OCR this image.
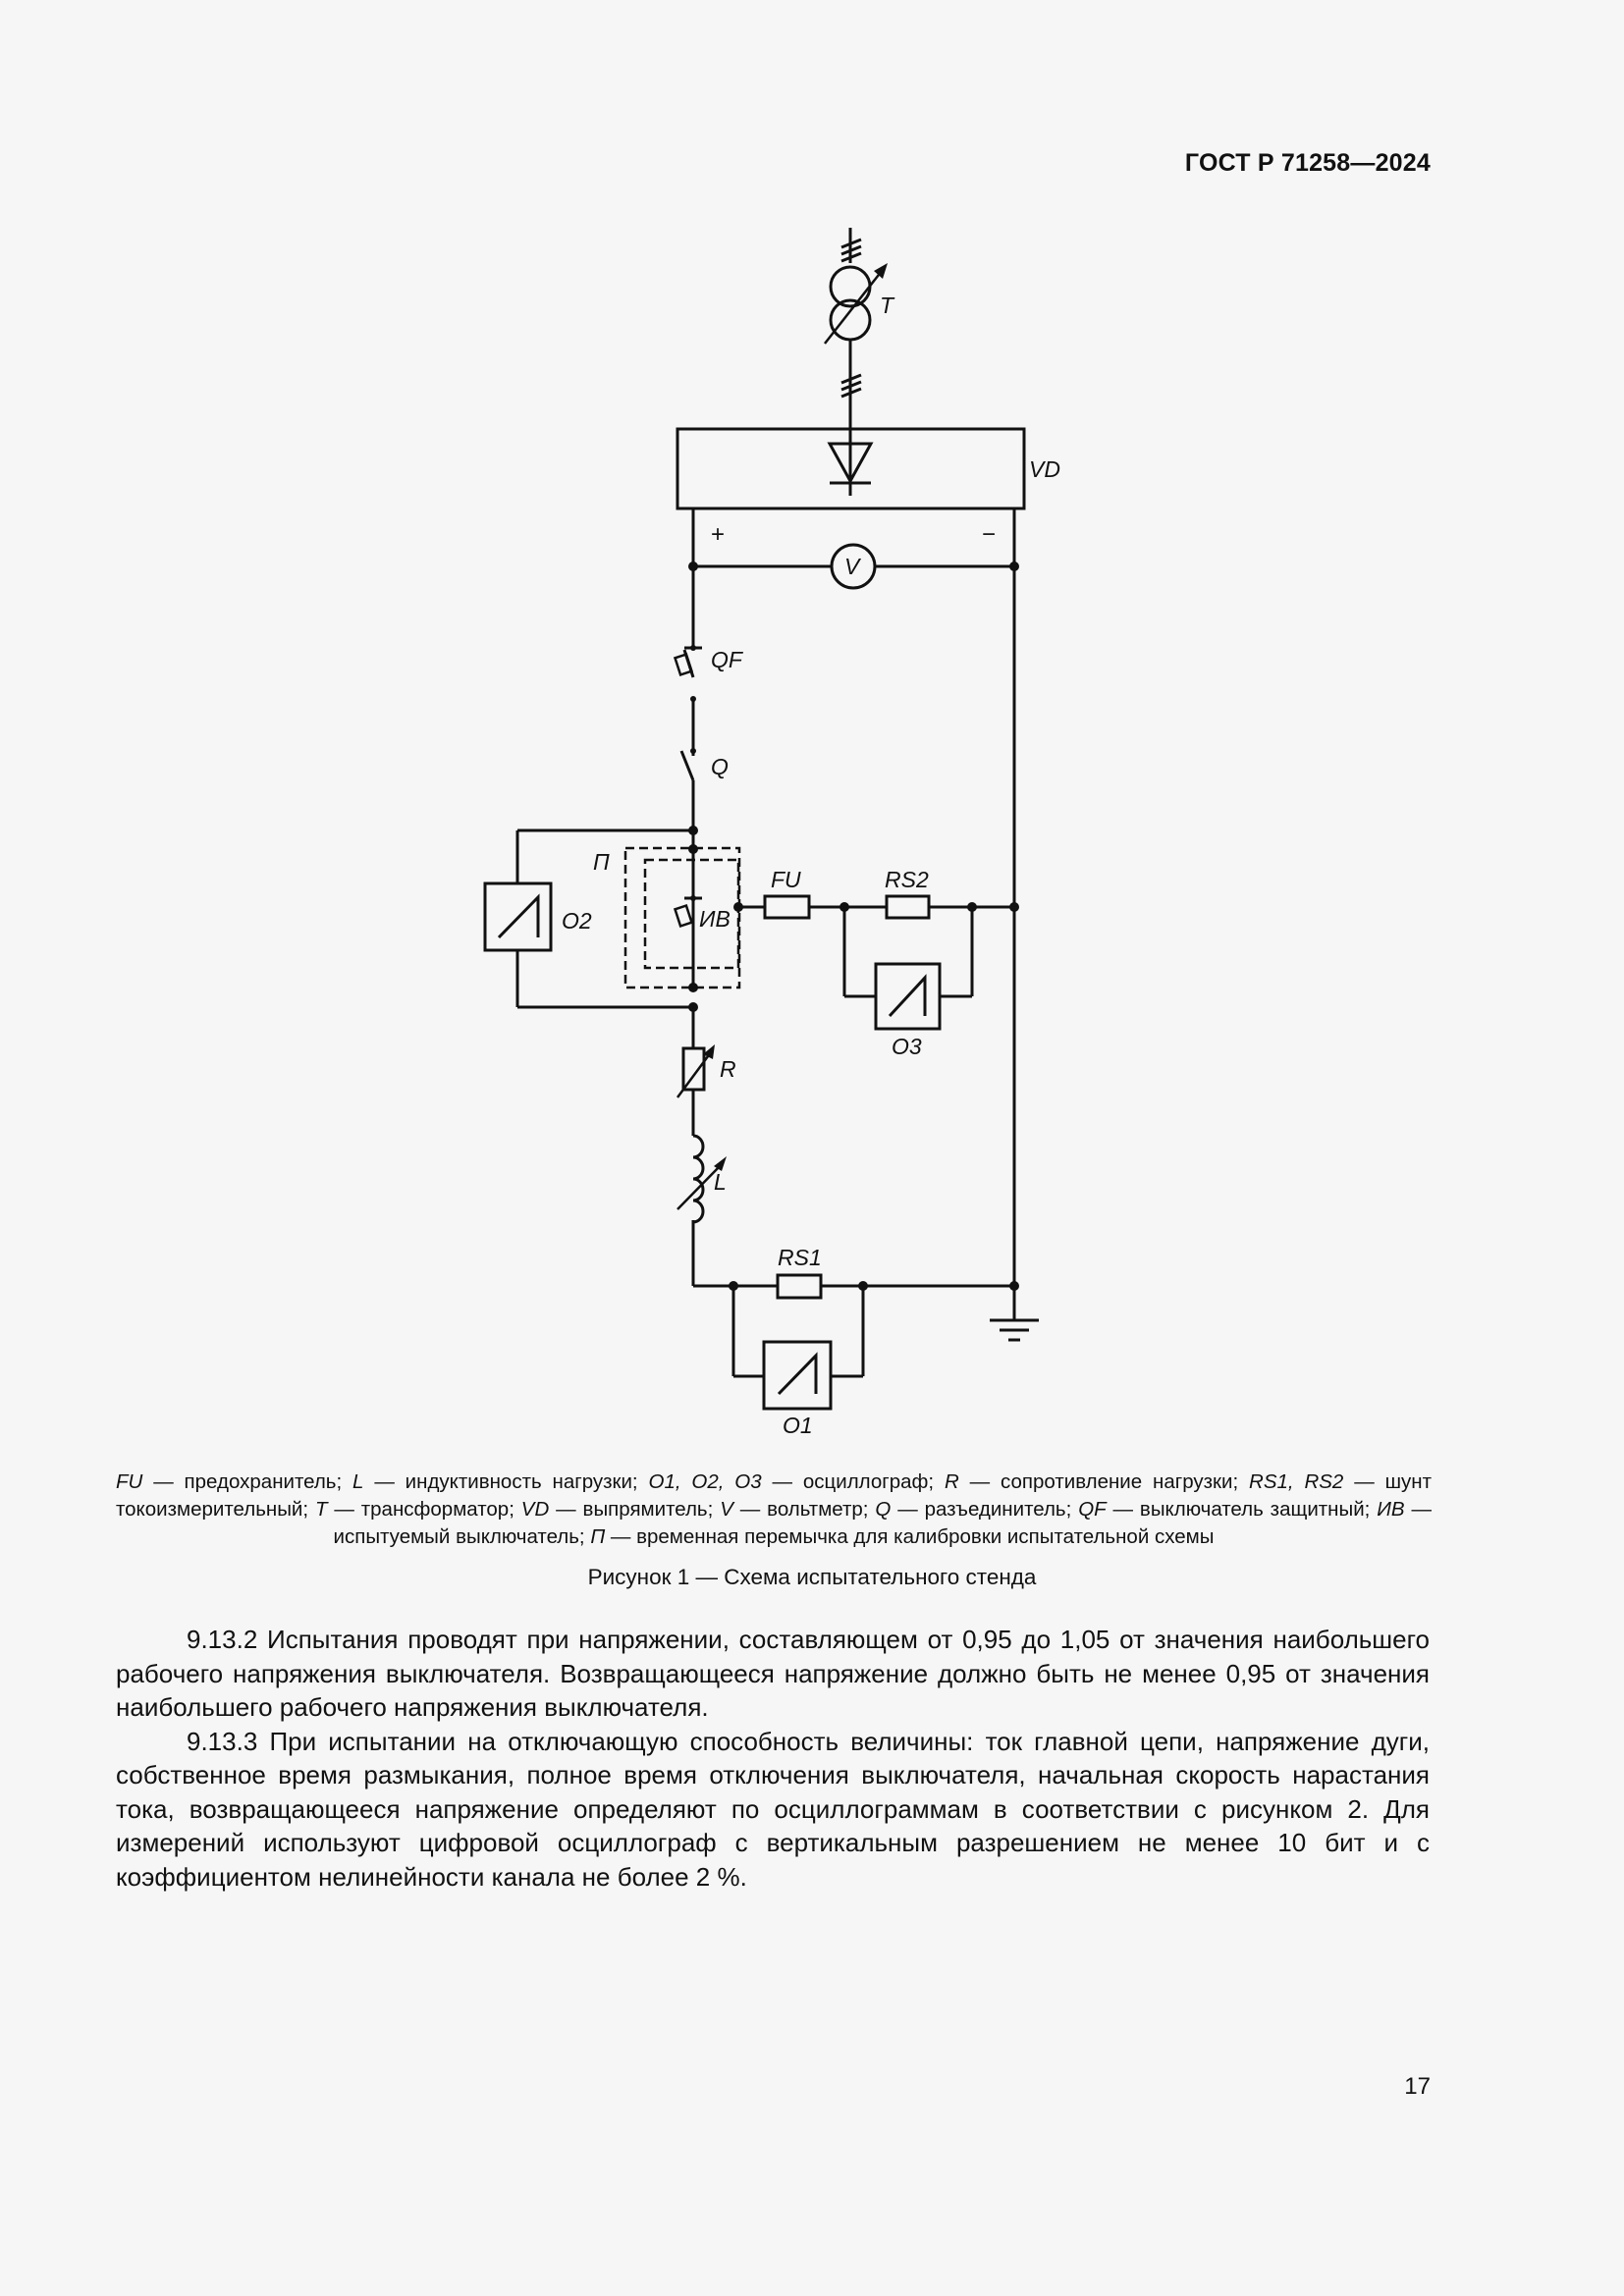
ГОСТ Р 71258—2024
T
VD
+	−
V
QF
Q
П
ИВ
FU	RS2
O2
O3
R
L
RS1
O1
FU — предохранитель; L — индуктивность нагрузки; O1, O2, O3 — осциллограф; R — сопротивление нагрузки; RS1, RS2 — шунт токоизмерительный; T — трансформатор; VD — выпрямитель; V — вольтметр; Q — разъединитель; QF — выключатель защитный; ИВ — испытуемый выключатель; П — временная перемычка для калибровки испытательной схемы
Рисунок 1 — Схема испытательного стенда

9.13.2 Испытания проводят при напряжении, составляющем от 0,95 до 1,05 от значения наибольшего рабочего напряжения выключателя. Возвращающееся напряжение должно быть не менее 0,95 от значения наибольшего рабочего напряжения выключателя.

9.13.3 При испытании на отключающую способность величины: ток главной цепи, напряжение дуги, собственное время размыкания, полное время отключения выключателя, начальная скорость нарастания тока, возвращающееся напряжение определяют по осциллограммам в соответствии с рисунком 2. Для измерений используют цифровой осциллограф с вертикальным разрешением не менее 10 бит и с коэффициентом нелинейности канала не более 2 %.

17
